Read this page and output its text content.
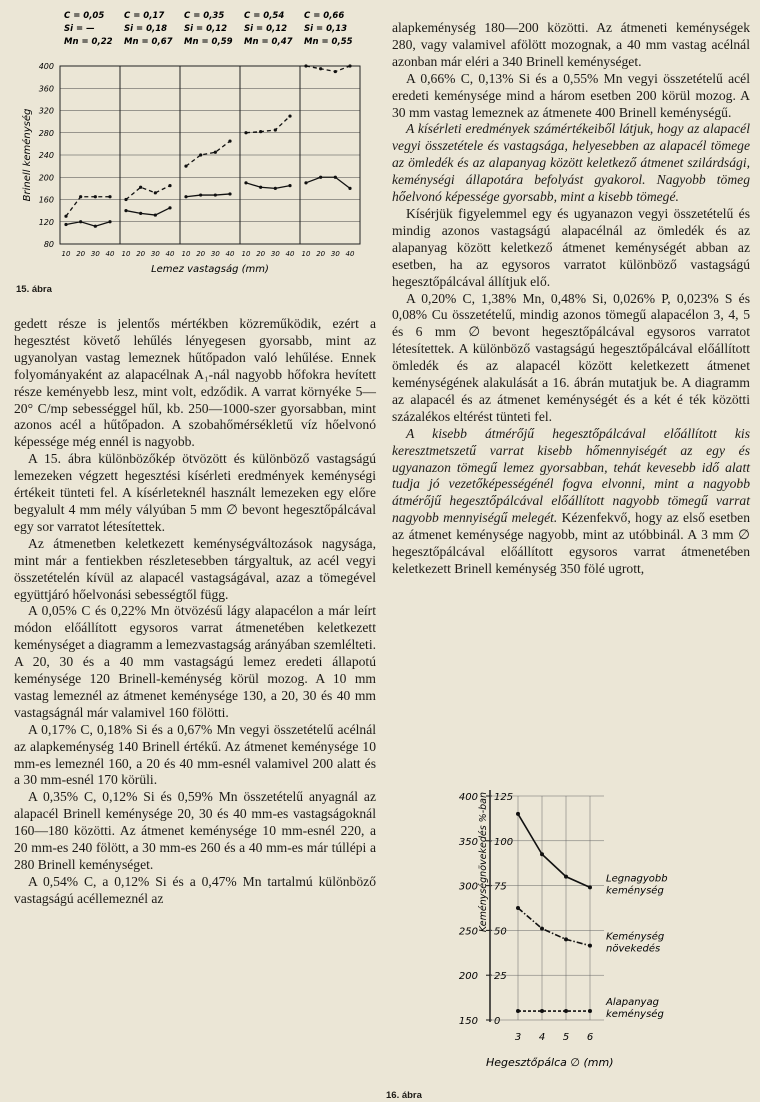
Brinell keménység
400
360
320
280
240
200
160
120
80
C = 0,05
Si = —
Mn = 0,22
10 20 30 40
C = 0,17
Si = 0,18
Mn = 0,67
10 20 30 40
C = 0,35
Si = 0,12
Mn = 0,59
10 20 30 40
C = 0,54
Si = 0,12
Mn = 0,47
10 20 30 40
C = 0,66
Si = 0,13
Mn = 0,55
10 20 30 40
Lemez vastagság (mm)
15. ábra

gedett része is jelentős mértékben közreműködik, ezért a hegesztést követő lehűlés lényegesen gyorsabb, mint az ugyanolyan vastag lemeznek hűtőpadon való lehűlése. Ennek folyományaként az alapacélnak A₁-nál nagyobb hőfokra hevített része keményebb lesz, mint volt, edződik. A varrat környéke 5—20° C/mp sebességgel hűl, kb. 250—1000-szer gyorsabban, mint azonos acél a hűtőpadon. A szobahőmérsékletű víz hőelvonó képessége még ennél is nagyobb.

A 15. ábra különbözőkép ötvözött és különböző vastagságú lemezeken végzett hegesztési kísérleti eredmények keménységi értékeit tünteti fel. A kísérleteknél használt lemezeken egy előre begyalult 4 mm mély vályúban 5 mm ∅ bevont hegesztőpálcával egy sor varratot létesítettek.

Az átmenetben keletkezett keménységváltozások nagysága, mint már a fentiekben részletesebben tárgyaltuk, az acél vegyi összetételén kívül az alapacél vastagságával, azaz a tömegével együttjáró hőelvonási sebességtől függ.

A 0,05% C és 0,22% Mn ötvözésű lágy alapacélon a már leírt módon előállított egysoros varrat átmenetében keletkezett keménységet a diagramm a lemezvastagság arányában szemlélteti. A 20, 30 és a 40 mm vastagságú lemez eredeti állapotú keménysége 120 Brinell-keménység körül mozog. A 10 mm vastag lemeznél az átmenet keménysége 130, a 20, 30 és 40 mm vastagságnál már valamivel 160 fölötti.

A 0,17% C, 0,18% Si és a 0,67% Mn vegyi összetételű acélnál az alapkeménység 140 Brinell értékű. Az átmenet keménysége 10 mm-es lemeznél 160, a 20 és 40 mm-esnél valamivel 200 alatt és a 30 mm-esnél 170 körüli.

A 0,35% C, 0,12% Si és 0,59% Mn összetételű anyagnál az alapacél Brinell keménysége 20, 30 és 40 mm-es vastagságoknál 160—180 közötti. Az átmenet keménysége 10 mm-esnél 220, a 20 mm-es 240 fölött, a 30 mm-es 260 és a 40 mm-es már túllépi a 280 Brinell keménységet.

A 0,54% C, a 0,12% Si és a 0,47% Mn tartalmú különböző vastagságú acéllemeznél az

alapkeménység 180—200 közötti. Az átmeneti keménységek 280, vagy valamivel afölött mozognak, a 40 mm vastag acélnál azonban már eléri a 340 Brinell keménységet.

A 0,66% C, 0,13% Si és a 0,55% Mn vegyi összetételű acél eredeti keménysége mind a három esetben 200 körül mozog. A 30 mm vastag lemeznek az átmenete 400 Brinell keménységű.

A kísérleti eredmények számértékeiből látjuk, hogy az alapacél vegyi összetétele és vastagsága, helyesebben az alapacél tömege az ömledék és az alapanyag között keletkező átmenet szilárdsági, keménységi állapotára befolyást gyakorol. Nagyobb tömeg hőelvonó képessége gyorsabb, mint a kisebb tömegé.

Kísérjük figyelemmel egy és ugyanazon vegyi összetételű és mindig azonos vastagságú alapacélnál az ömledék és az alapanyag között keletkező átmenet keménységét abban az esetben, ha az egysoros varratot különböző vastagságú hegesztőpálcával állítjuk elő.

A 0,20% C, 1,38% Mn, 0,48% Si, 0,026% P, 0,023% S és 0,08% Cu összetételű, mindig azonos tömegű alapacélon 3, 4, 5 és 6 mm ∅ bevont hegesztőpálcával egysoros varratot létesítettek. A különböző vastagságú hegesztőpálcával előállított ömledék és az alapacél között keletkezett átmenet keménységének alakulását a 16. ábrán mutatjuk be. A diagramm az alapacél és az átmenet keménységét és a két é ték közötti százalékos eltérést tünteti fel.

A kisebb átmérőjű hegesztőpálcával előállított kis keresztmetszetű varrat kisebb hőmennyiségét az egy és ugyanazon tömegű lemez gyorsabban, tehát kevesebb idő alatt tudja jó vezetőképességénél fogva elvonni, mint a nagyobb átmérőjű hegesztőpálcával előállított nagyobb tömegű varrat nagyobb mennyiségű melegét. Kézenfekvő, hogy az első esetben az átmenet keménysége nagyobb, mint az utóbbinál. A 3 mm ∅ hegesztőpálcával előállított egysoros varrat átmenetében keletkezett Brinell keménység 350 fölé ugrott,

Keménységnövekedés %-ban
400 125
350 100
300 75
250 50
200 25
150 0
3 4 5 6
Legnagyobb
keménység
Keménység
növekedés
Alapanyag
keménység
Hegesztőpálca ∅ (mm)
16. ábra
